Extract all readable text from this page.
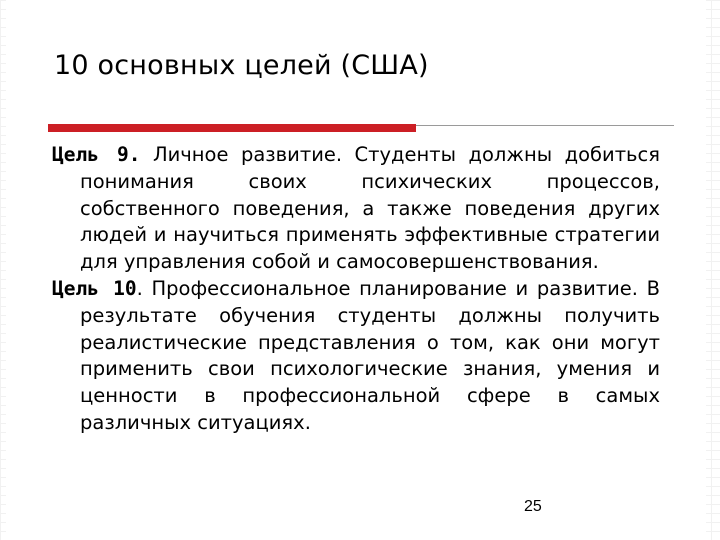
10 основных целей (США)

Цель 9. Личное развитие. Студенты должны добиться понимания своих психических процессов, собственного поведения, а также поведения других людей и научиться применять эффективные стратегии для управления собой и самосовершенствования.

Цель 10. Профессиональное планирование и развитие. В результате обучения студенты должны получить реалистические представления о том, как они могут применить свои психологические знания, умения и ценности в профессиональной сфере в самых различных ситуациях.

25
